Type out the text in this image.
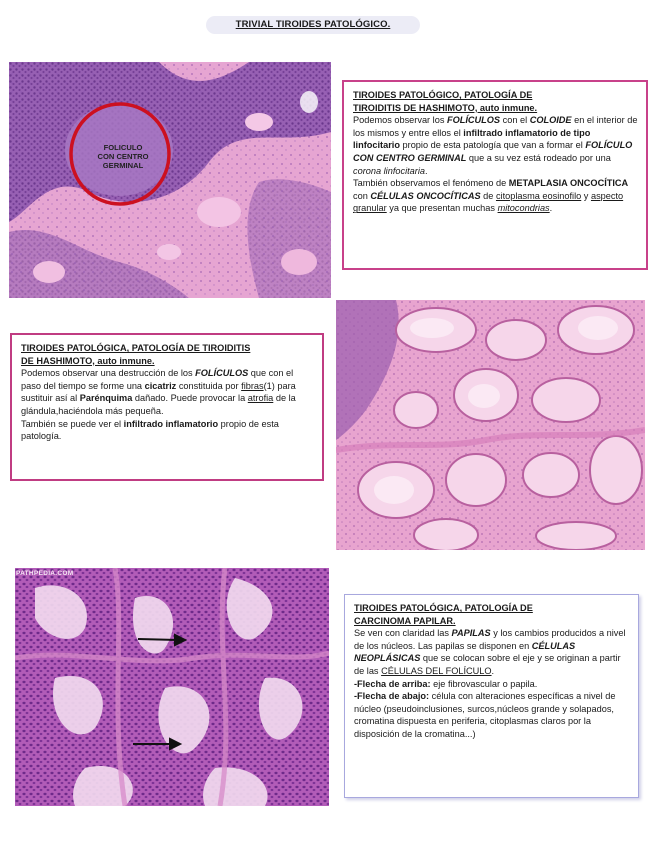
TRIVIAL TIROIDES PATOLÓGICO.
FOLICULO
CON CENTRO
GERMINAL
TIROIDES PATOLÓGICO, PATOLOGÍA DE
TIROIDITIS DE HASHIMOTO, auto inmune.
Podemos observar los FOLÍCULOS con el COLOIDE en el interior de los mismos y entre ellos el infiltrado inflamatorio de tipo linfocitario propio de esta patología que van a formar el FOLÍCULO CON CENTRO GERMINAL que a su vez está rodeado por una corona linfocitaria.
También observamos el fenómeno de METAPLASIA ONCOCÍTICA con CÉLULAS ONCOCÍTICAS de citoplasma eosinofilo y aspecto granular ya que presentan muchas mitocondrias.
TIROIDES PATOLÓGICA, PATOLOGÍA DE TIROIDITIS
DE HASHIMOTO, auto inmune.
Podemos observar una destrucción de los FOLÍCULOS que con el paso del tiempo se forme una cicatriz constituida por fibras(1) para sustituir así al Parénquima dañado. Puede provocar la atrofia de la glándula,haciéndola más pequeña.
También se puede ver el infiltrado inflamatorio propio de esta patología.
PATHPEDIA.COM
TIROIDES PATOLÓGICA, PATOLOGÍA DE
CARCINOMA PAPILAR.
Se ven con claridad las PAPILAS y los cambios producidos a nivel de los núcleos. Las papilas se disponen en CÉLULAS NEOPLÁSICAS que se colocan sobre el eje y se originan a partir de las CÉLULAS DEL FOLÍCULO.
-Flecha de arriba: eje fibrovascular o papila.
-Flecha de abajo: célula con alteraciones específicas a nivel de núcleo (pseudoinclusiones, surcos,núcleos grande y solapados, cromatina dispuesta en periferia, citoplasmas claros por la disposición de la cromatina...)
